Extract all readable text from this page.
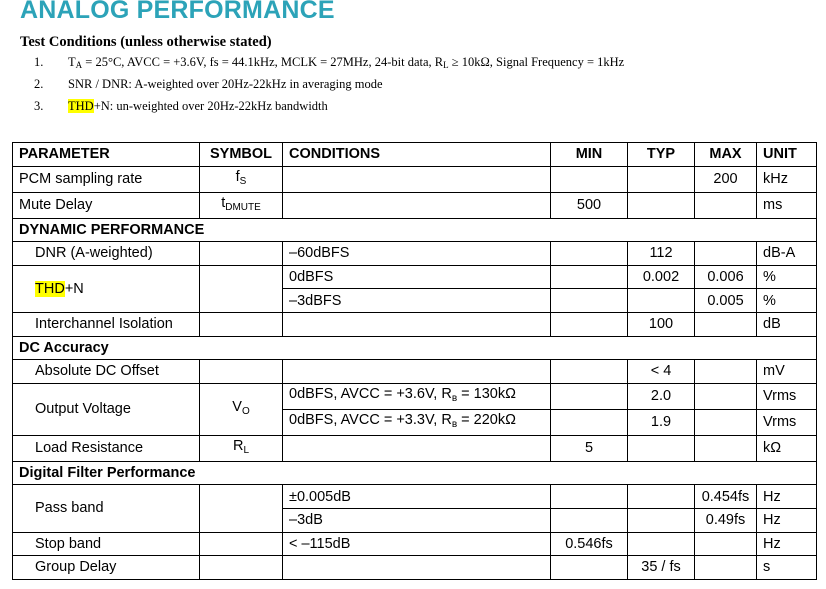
ANALOG PERFORMANCE
Test Conditions (unless otherwise stated)
1. $T_A = 25^\circ C$, AVCC = +3.6V, fs = 44.1kHz, MCLK = 27MHz, 24-bit data, $R_L \ge 10k\Omega$, Signal Frequency = 1kHz
2. SNR / DNR: A-weighted over 20Hz-22kHz in averaging mode
3. THD+N: un-weighted over 20Hz-22kHz bandwidth
PARAMETER	SYMBOL	CONDITIONS	MIN	TYP	MAX	UNIT
PCM sampling rate	$f_S$				200	kHz
Mute Delay	$t_{DMUTE}$		500			ms
DYNAMIC PERFORMANCE						
DNR (A-weighted)		–60dBFS		112		dB-A
THD+N		0dBFS		0.002	0.006	%
		–3dBFS			0.005	%
Interchannel Isolation				100		dB
DC Accuracy						
Absolute DC Offset				< 4		mV
Output Voltage	$V_O$	0dBFS, AVCC = +3.6V, $R_ʙ = 130k\Omega$		2.0		Vrms
		0dBFS, AVCC = +3.3V, $R_ʙ = 220k\Omega$		1.9		Vrms
Load Resistance	$R_L$		5			kΩ
Digital Filter Performance						
Pass band		±0.005dB			0.454fs	Hz
		–3dB			0.49fs	Hz
Stop band		< –115dB	0.546fs			Hz
Group Delay				35 / fs		s
